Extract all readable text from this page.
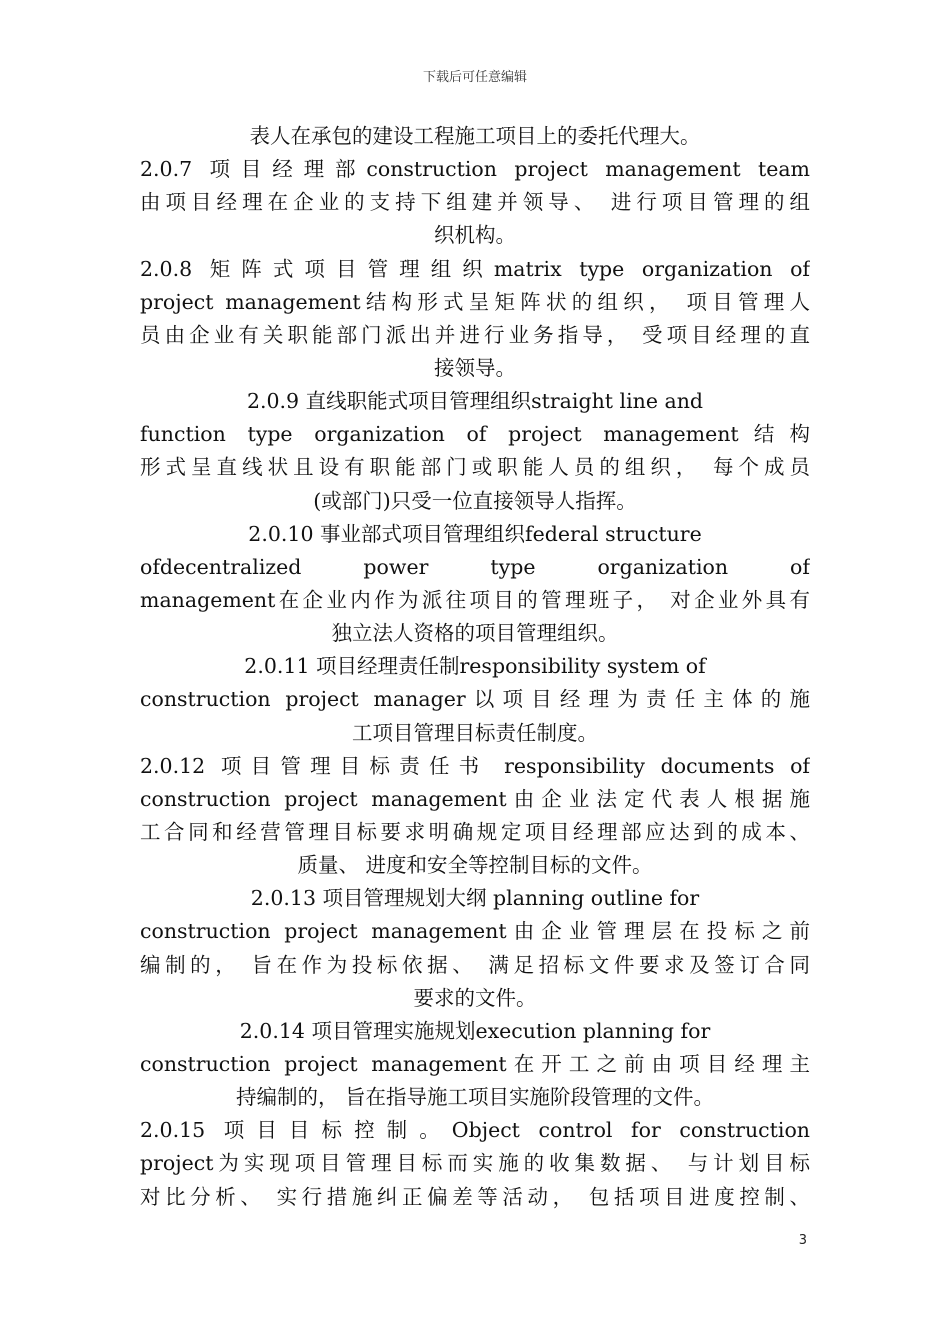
下载后可任意编辑
表人在承包的建设工程施工项目上的委托代理大。
2.0.7 项目经理部construction project management team
由项目经理在企业的支持下组建并领导、 进行项目管理的组
织机构。
2.0.8 矩阵式项目管理组织matrix type organization of
project management结构形式呈矩阵状的组织， 项目管理人
员由企业有关职能部门派出并进行业务指导， 受项目经理的直
接领导。
2.0.9 直线职能式项目管理组织straight line and
function type organization of project management结构
形式呈直线状且设有职能部门或职能人员的组织， 每个成员
(或部门)只受一位直接领导人指挥。
2.0.10 事业部式项目管理组织federal structure
ofdecentralized power type organization of
management在企业内作为派往项目的管理班子， 对企业外具有
独立法人资格的项目管理组织。
2.0.11 项目经理责任制responsibility system of
construction project manager以项目经理为责任主体的施
工项目管理目标责任制度。
2.0.12 项目管理目标责任书 responsibility documents of
construction project management由企业法定代表人根据施
工合同和经营管理目标要求明确规定项目经理部应达到的成本、
质量、 进度和安全等控制目标的文件。
2.0.13 项目管理规划大纲 planning outline for
construction project management由企业管理层在投标之前
编制的， 旨在作为投标依据、 满足招标文件要求及签订合同
要求的文件。
2.0.14 项目管理实施规划execution planning for
construction project management在开工之前由项目经理主
持编制的， 旨在指导施工项目实施阶段管理的文件。
2.0.15 项目目标控制。Object control for construction
project为实现项目管理目标而实施的收集数据、 与计划目标
对比分析、 实行措施纠正偏差等活动， 包括项目进度控制、
3
